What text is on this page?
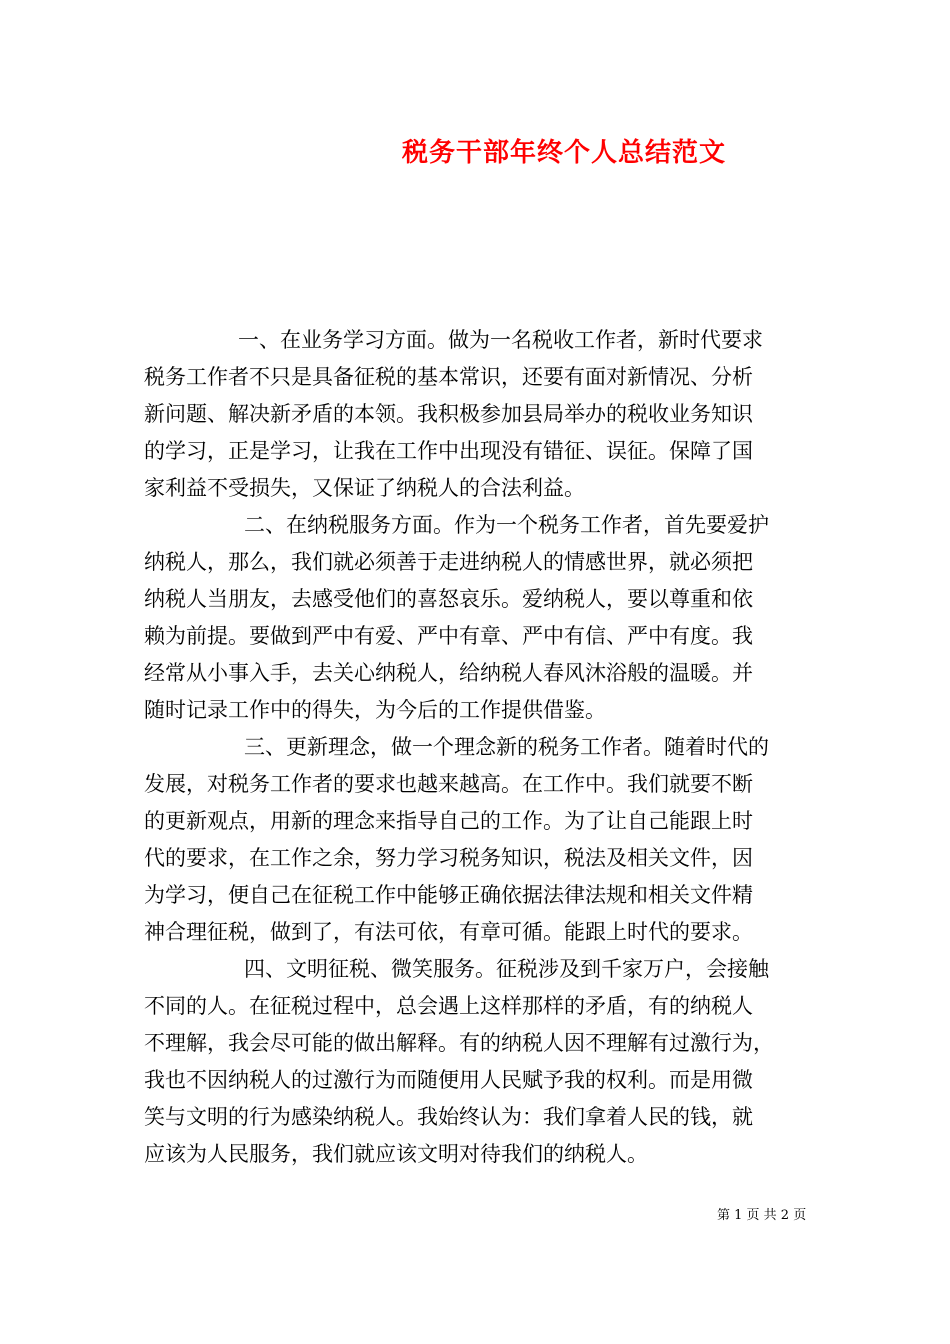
税务干部年终个人总结范文
一、在业务学习方面。做为一名税收工作者，新时代要求
税务工作者不只是具备征税的基本常识，还要有面对新情况、分析
新问题、解决新矛盾的本领。我积极参加县局举办的税收业务知识
的学习，正是学习，让我在工作中出现没有错征、误征。保障了国
家利益不受损失，又保证了纳税人的合法利益。
二、在纳税服务方面。作为一个税务工作者，首先要爱护
纳税人，那么，我们就必须善于走进纳税人的情感世界，就必须把
纳税人当朋友，去感受他们的喜怒哀乐。爱纳税人，要以尊重和依
赖为前提。要做到严中有爱、严中有章、严中有信、严中有度。我
经常从小事入手，去关心纳税人，给纳税人春风沐浴般的温暖。并
随时记录工作中的得失，为今后的工作提供借鉴。
三、更新理念，做一个理念新的税务工作者。随着时代的
发展，对税务工作者的要求也越来越高。在工作中。我们就要不断
的更新观点，用新的理念来指导自己的工作。为了让自己能跟上时
代的要求，在工作之余，努力学习税务知识，税法及相关文件，因
为学习，便自己在征税工作中能够正确依据法律法规和相关文件精
神合理征税，做到了，有法可依，有章可循。能跟上时代的要求。
四、文明征税、微笑服务。征税涉及到千家万户，会接触
不同的人。在征税过程中，总会遇上这样那样的矛盾，有的纳税人
不理解，我会尽可能的做出解释。有的纳税人因不理解有过激行为，
我也不因纳税人的过激行为而随便用人民赋予我的权利。而是用微
笑与文明的行为感染纳税人。我始终认为：我们拿着人民的钱，就
应该为人民服务，我们就应该文明对待我们的纳税人。
第 1 页 共 2 页
